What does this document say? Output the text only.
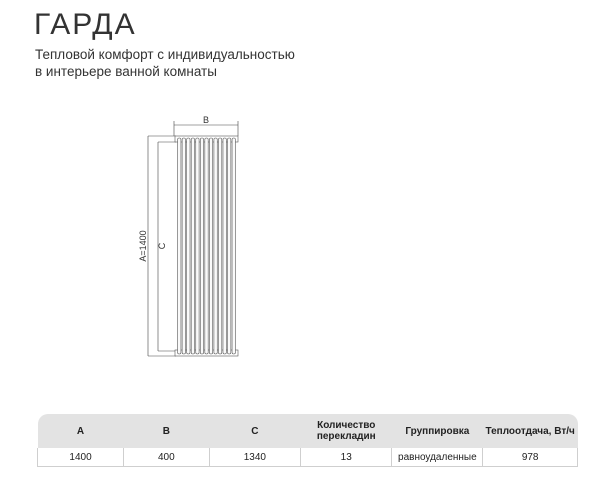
ГАРДА
Тепловой комфорт с индивидуальностью
в интерьере ванной комнаты
B
A=1400 C
A	B	C	Количество перекладин	Группировка	Теплоотдача, Вт/ч
1400	400	1340	13	равноудаленные	978
